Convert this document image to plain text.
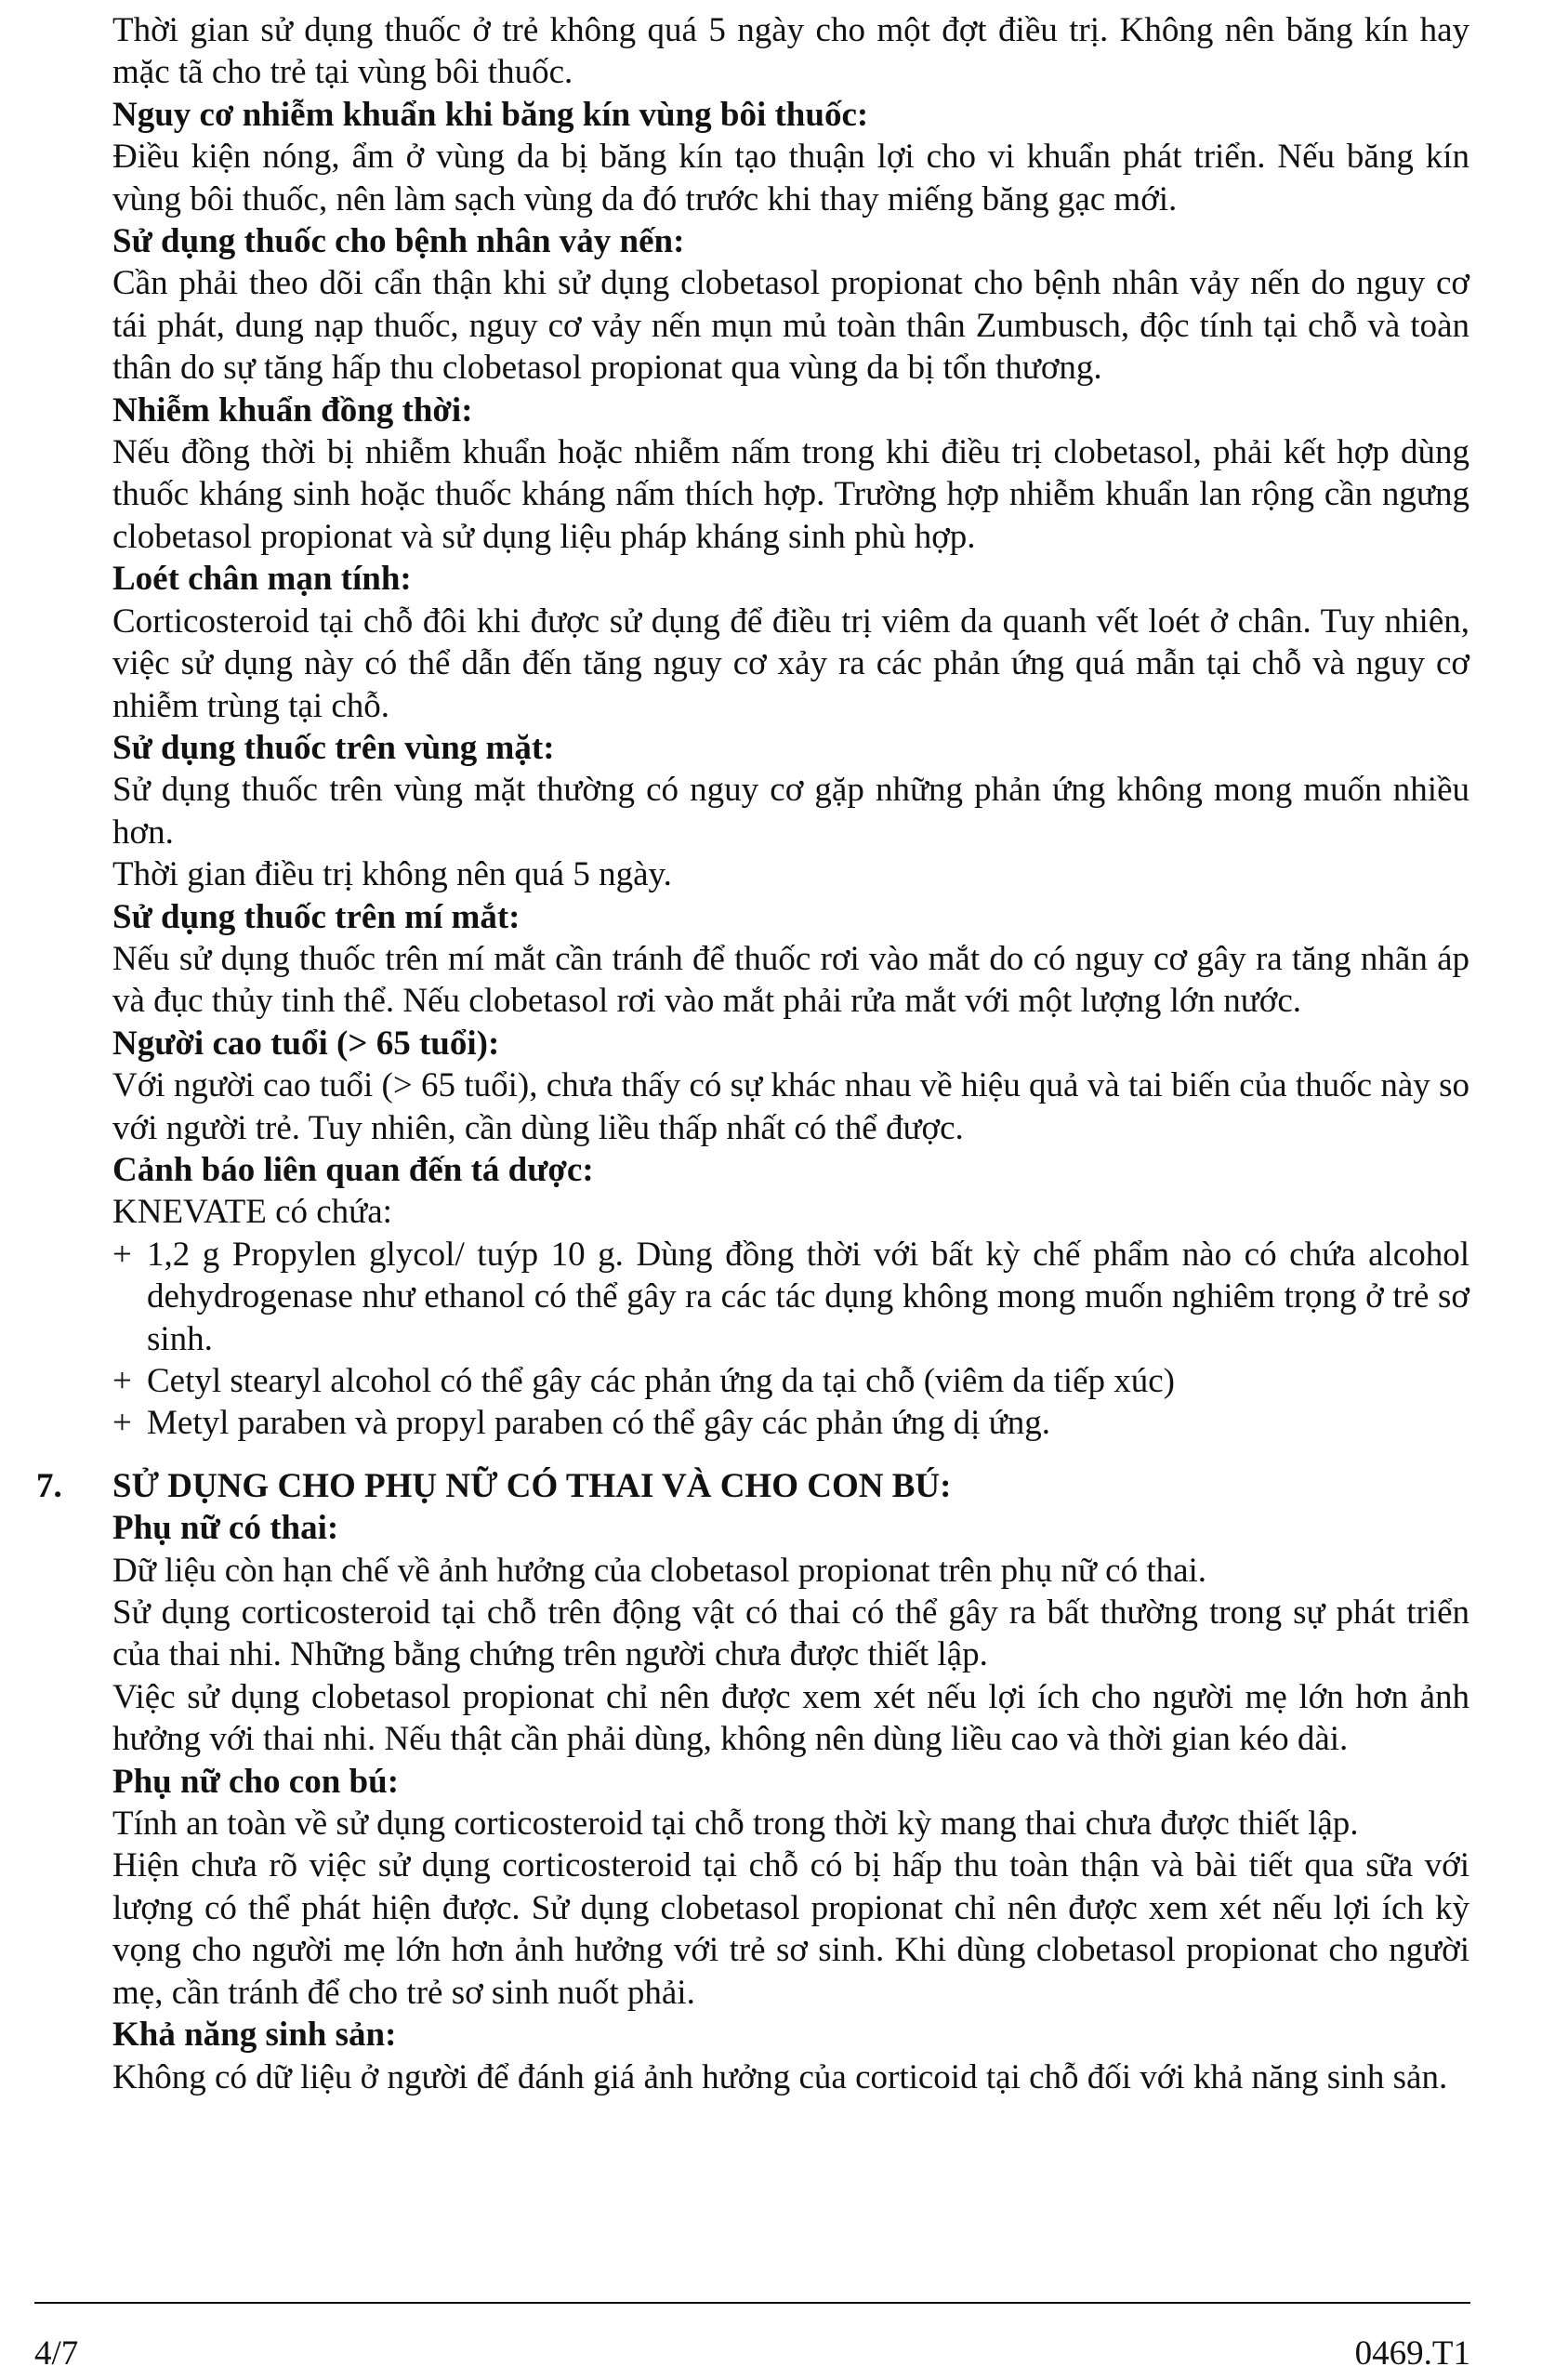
Thời gian sử dụng thuốc ở trẻ không quá 5 ngày cho một đợt điều trị. Không nên băng kín hay mặc tã cho trẻ tại vùng bôi thuốc.

Nguy cơ nhiễm khuẩn khi băng kín vùng bôi thuốc:

Điều kiện nóng, ẩm ở vùng da bị băng kín tạo thuận lợi cho vi khuẩn phát triển. Nếu băng kín vùng bôi thuốc, nên làm sạch vùng da đó trước khi thay miếng băng gạc mới.

Sử dụng thuốc cho bệnh nhân vảy nến:

Cần phải theo dõi cẩn thận khi sử dụng clobetasol propionat cho bệnh nhân vảy nến do nguy cơ tái phát, dung nạp thuốc, nguy cơ vảy nến mụn mủ toàn thân Zumbusch, độc tính tại chỗ và toàn thân do sự tăng hấp thu clobetasol propionat qua vùng da bị tổn thương.

Nhiễm khuẩn đồng thời:

Nếu đồng thời bị nhiễm khuẩn hoặc nhiễm nấm trong khi điều trị clobetasol, phải kết hợp dùng thuốc kháng sinh hoặc thuốc kháng nấm thích hợp. Trường hợp nhiễm khuẩn lan rộng cần ngưng clobetasol propionat và sử dụng liệu pháp kháng sinh phù hợp.

Loét chân mạn tính:

Corticosteroid tại chỗ đôi khi được sử dụng để điều trị viêm da quanh vết loét ở chân. Tuy nhiên, việc sử dụng này có thể dẫn đến tăng nguy cơ xảy ra các phản ứng quá mẫn tại chỗ và nguy cơ nhiễm trùng tại chỗ.

Sử dụng thuốc trên vùng mặt:

Sử dụng thuốc trên vùng mặt thường có nguy cơ gặp những phản ứng không mong muốn nhiều hơn.

Thời gian điều trị không nên quá 5 ngày.

Sử dụng thuốc trên mí mắt:

Nếu sử dụng thuốc trên mí mắt cần tránh để thuốc rơi vào mắt do có nguy cơ gây ra tăng nhãn áp và đục thủy tinh thể. Nếu clobetasol rơi vào mắt phải rửa mắt với một lượng lớn nước.

Người cao tuổi (> 65 tuổi):

Với người cao tuổi (> 65 tuổi), chưa thấy có sự khác nhau về hiệu quả và tai biến của thuốc này so với người trẻ. Tuy nhiên, cần dùng liều thấp nhất có thể được.

Cảnh báo liên quan đến tá dược:

KNEVATE có chứa:

+ 1,2 g Propylen glycol/ tuýp 10 g. Dùng đồng thời với bất kỳ chế phẩm nào có chứa alcohol dehydrogenase như ethanol có thể gây ra các tác dụng không mong muốn nghiêm trọng ở trẻ sơ sinh.
+ Cetyl stearyl alcohol có thể gây các phản ứng da tại chỗ (viêm da tiếp xúc)
+ Metyl paraben và propyl paraben có thể gây các phản ứng dị ứng.
7. SỬ DỤNG CHO PHỤ NỮ CÓ THAI VÀ CHO CON BÚ:
Phụ nữ có thai:

Dữ liệu còn hạn chế về ảnh hưởng của clobetasol propionat trên phụ nữ có thai.

Sử dụng corticosteroid tại chỗ trên động vật có thai có thể gây ra bất thường trong sự phát triển của thai nhi. Những bằng chứng trên người chưa được thiết lập.

Việc sử dụng clobetasol propionat chỉ nên được xem xét nếu lợi ích cho người mẹ lớn hơn ảnh hưởng với thai nhi. Nếu thật cần phải dùng, không nên dùng liều cao và thời gian kéo dài.

Phụ nữ cho con bú:

Tính an toàn về sử dụng corticosteroid tại chỗ trong thời kỳ mang thai chưa được thiết lập.

Hiện chưa rõ việc sử dụng corticosteroid tại chỗ có bị hấp thu toàn thận và bài tiết qua sữa với lượng có thể phát hiện được. Sử dụng clobetasol propionat chỉ nên được xem xét nếu lợi ích kỳ vọng cho người mẹ lớn hơn ảnh hưởng với trẻ sơ sinh. Khi dùng clobetasol propionat cho người mẹ, cần tránh để cho trẻ sơ sinh nuốt phải.

Khả năng sinh sản:

Không có dữ liệu ở người để đánh giá ảnh hưởng của corticoid tại chỗ đối với khả năng sinh sản.

4/7	0469.T1
